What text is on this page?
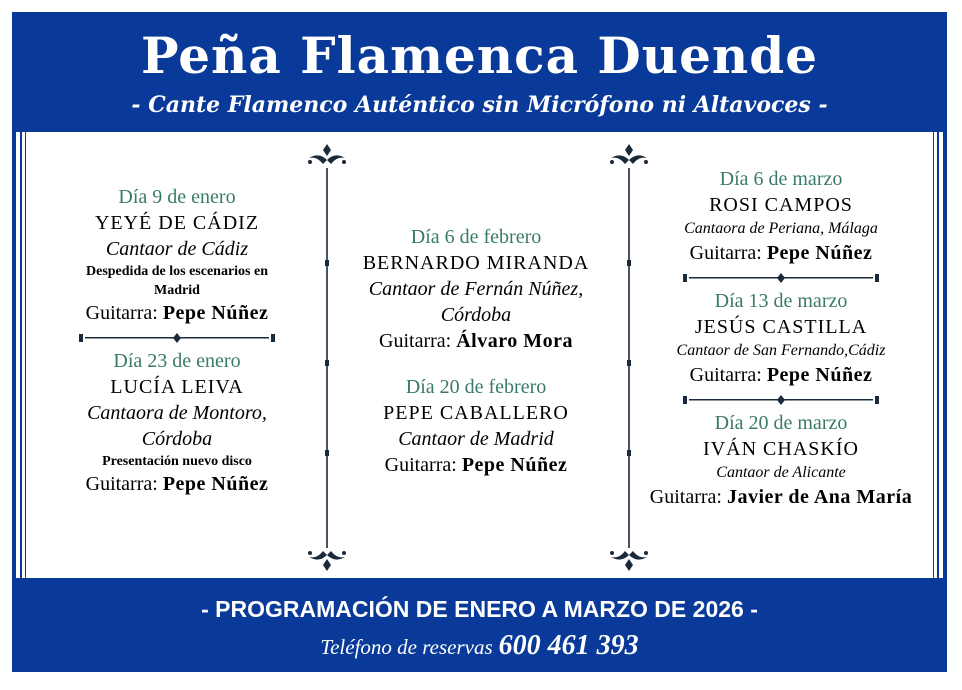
Peña Flamenca Duende
- Cante Flamenco Auténtico sin Micrófono ni Altavoces -
Día 9 de enero
YEYÉ DE CÁDIZ
Cantaor de Cádiz
Despedida de los escenarios en Madrid
Guitarra: Pepe Núñez
Día 23 de enero
LUCÍA LEIVA
Cantaora de Montoro, Córdoba
Presentación nuevo disco
Guitarra: Pepe Núñez
Día 6 de febrero
BERNARDO MIRANDA
Cantaor de Fernán Núñez, Córdoba
Guitarra: Álvaro Mora
Día 20 de febrero
PEPE CABALLERO
Cantaor de Madrid
Guitarra: Pepe Núñez
Día 6 de marzo
ROSI CAMPOS
Cantaora de Periana, Málaga
Guitarra: Pepe Núñez
Día 13 de marzo
JESÚS CASTILLA
Cantaor de San Fernando,Cádiz
Guitarra: Pepe Núñez
Día 20 de marzo
IVÁN CHASKÍO
Cantaor de Alicante
Guitarra: Javier de Ana María
- PROGRAMACIÓN DE ENERO A MARZO DE 2026 -
Teléfono de reservas 600 461 393
